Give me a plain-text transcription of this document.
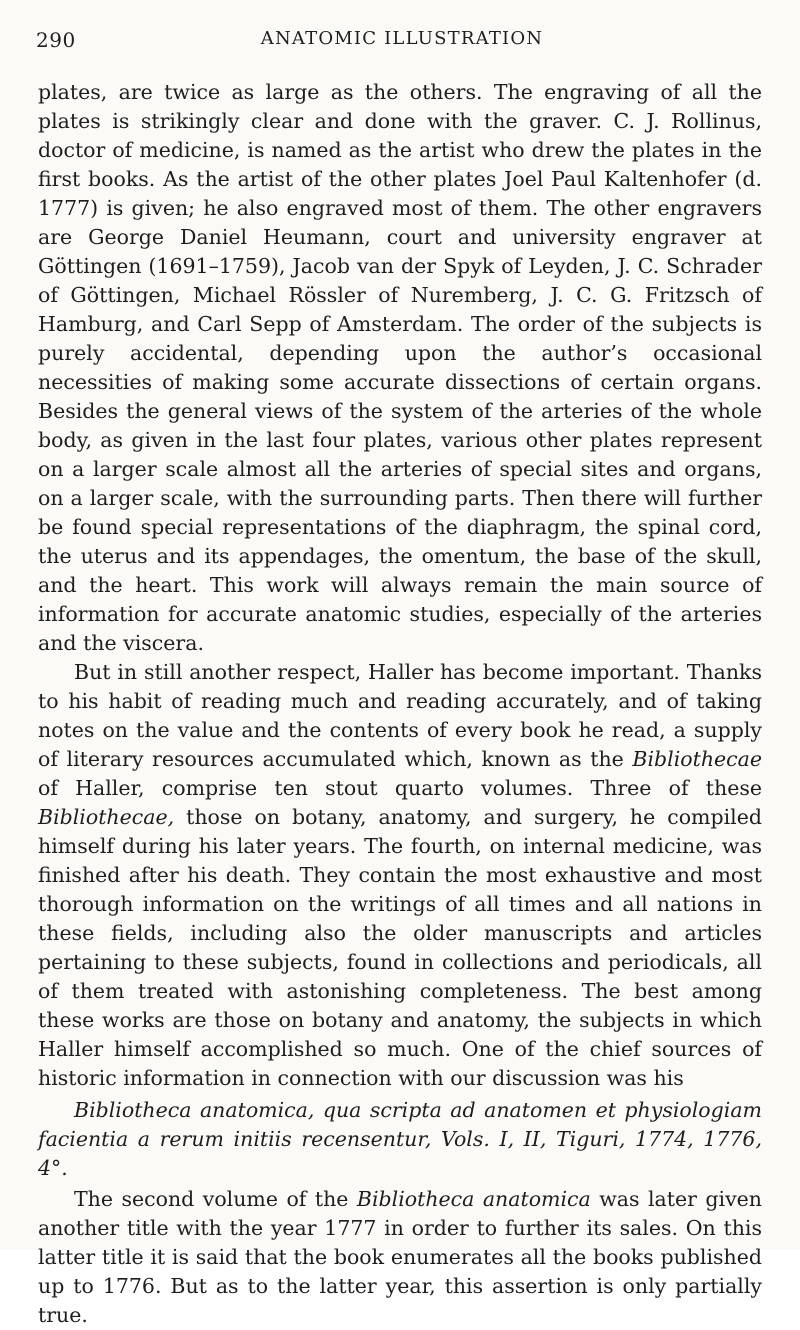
290	ANATOMIC ILLUSTRATION

plates, are twice as large as the others. The engraving of all the plates is strikingly clear and done with the graver. C. J. Rollinus, doctor of medicine, is named as the artist who drew the plates in the first books. As the artist of the other plates Joel Paul Kaltenhofer (d. 1777) is given; he also engraved most of them. The other engravers are George Daniel Heumann, court and university engraver at Göttingen (1691–1759), Jacob van der Spyk of Leyden, J. C. Schrader of Göttingen, Michael Rössler of Nuremberg, J. C. G. Fritzsch of Hamburg, and Carl Sepp of Amsterdam. The order of the subjects is purely accidental, depending upon the author’s occasional necessities of making some accurate dissections of certain organs. Besides the general views of the system of the arteries of the whole body, as given in the last four plates, various other plates represent on a larger scale almost all the arteries of special sites and organs, on a larger scale, with the surrounding parts. Then there will further be found special representations of the diaphragm, the spinal cord, the uterus and its appendages, the omentum, the base of the skull, and the heart. This work will always remain the main source of information for accurate anatomic studies, especially of the arteries and the viscera.

But in still another respect, Haller has become important. Thanks to his habit of reading much and reading accurately, and of taking notes on the value and the contents of every book he read, a supply of literary resources accumulated which, known as the Bibliothecae of Haller, comprise ten stout quarto volumes. Three of these Bibliothecae, those on botany, anatomy, and surgery, he compiled himself during his later years. The fourth, on internal medicine, was finished after his death. They contain the most exhaustive and most thorough information on the writings of all times and all nations in these fields, including also the older manuscripts and articles pertaining to these subjects, found in collections and periodicals, all of them treated with astonishing completeness. The best among these works are those on botany and anatomy, the subjects in which Haller himself accomplished so much. One of the chief sources of historic information in connection with our discussion was his

Bibliotheca anatomica, qua scripta ad anatomen et physiologiam facientia a rerum initiis recensentur, Vols. I, II, Tiguri, 1774, 1776, 4°.

The second volume of the Bibliotheca anatomica was later given another title with the year 1777 in order to further its sales. On this latter title it is said that the book enumerates all the books published up to 1776. But as to the latter year, this assertion is only partially true.
